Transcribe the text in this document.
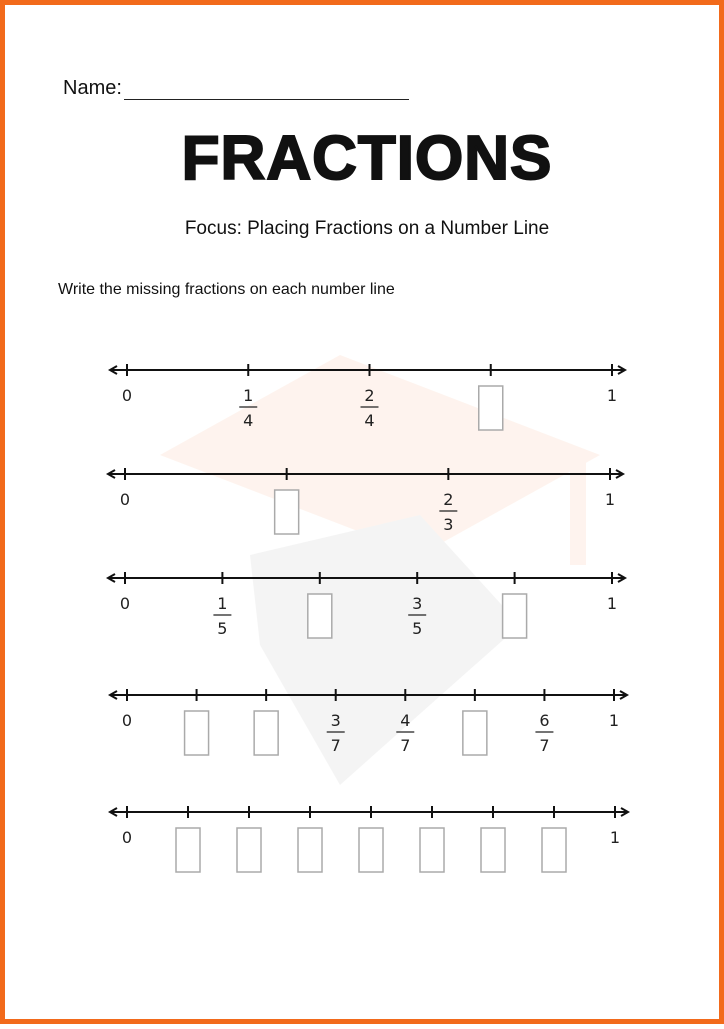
Name:
FRACTIONS
Focus: Placing Fractions on a Number Line
Write the missing fractions on each number line
0	1
1
4
2
4
0	1
2
3
0	1
1
5
3
5
0	1
3
7
4
7
6
7
0	1
